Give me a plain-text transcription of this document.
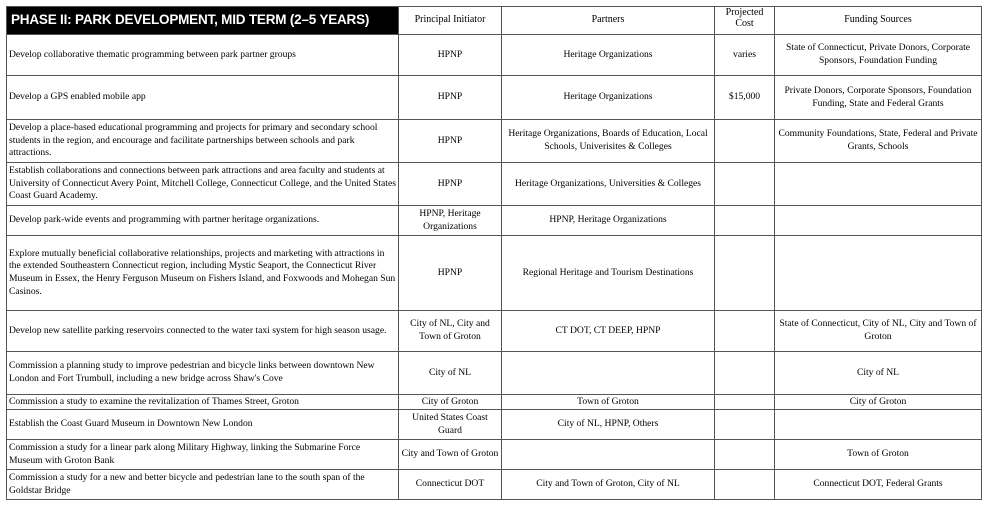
PHASE II: PARK DEVELOPMENT, MID TERM (2–5 YEARS)	Principal Initiator	Partners	Projected Cost	Funding Sources
Develop collaborative thematic programming between park partner groups	HPNP	Heritage Organizations	varies	State of Connecticut, Private Donors, Corporate Sponsors, Foundation Funding
Develop a GPS enabled mobile app	HPNP	Heritage Organizations	$15,000	Private Donors, Corporate Sponsors, Foundation Funding, State and Federal Grants
Develop a place-based educational programming and projects for primary and secondary school students in the region, and encourage and facilitate partnerships between schools and park attractions.	HPNP	Heritage Organizations, Boards of Education, Local Schools, Univerisites & Colleges		Community Foundations, State, Federal and Private Grants, Schools
Establish collaborations and connections between park attractions and area faculty and students at University of Connecticut Avery Point, Mitchell College, Connecticut College, and the United States Coast Guard Academy.	HPNP	Heritage Organizations, Universities & Colleges		
Develop park-wide events and programming with partner heritage organizations.	HPNP, Heritage Organizations	HPNP, Heritage Organizations		
Explore mutually beneficial collaborative relationships, projects and marketing with attractions in the extended Southeastern Connecticut region, including Mystic Seaport, the Connecticut River Museum in Essex, the Henry Ferguson Museum on Fishers Island, and Foxwoods and Mohegan Sun Casinos.	HPNP	Regional Heritage and Tourism Destinations		
Develop new satellite parking reservoirs connected to the water taxi system for high season usage.	City of NL, City and Town of Groton	CT DOT, CT DEEP, HPNP		State of Connecticut, City of NL, City and Town of Groton
Commission a planning study to improve pedestrian and bicycle links between downtown New London and Fort Trumbull, including a new bridge across Shaw's Cove	City of NL			City of NL
Commission a study to examine the revitalization of Thames Street, Groton	City of Groton	Town of Groton		City of Groton
Establish the Coast Guard Museum in Downtown New London	United States Coast Guard	City of NL, HPNP, Others		
Commission a study for a linear park along Military Highway, linking the Submarine Force Museum with Groton Bank	City and Town of Groton			Town of Groton
Commission a study for a new and better bicycle and pedestrian lane to the south span of the Goldstar Bridge	Connecticut DOT	City and Town of Groton, City of NL		Connecticut DOT, Federal Grants
